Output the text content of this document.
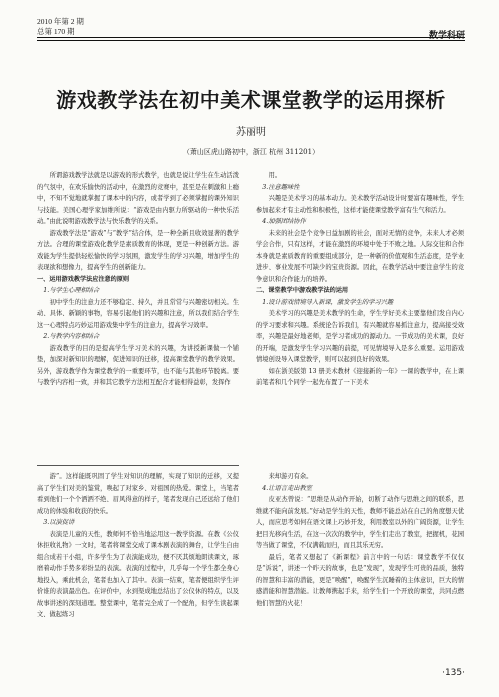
2010 年第 2 期
总第 170 期	数学科研
游戏教学法在初中美术课堂教学的运用探析
苏丽明
（萧山区虎山路初中，浙江 杭州 311201）

所谓游戏教学法就是以游戏的形式教学，也就是说让学生在生动活泼的气氛中，在欢乐愉快的活动中，在激烈的竞赛中，甚至是在刺激和上瘾中，不知不觉地就掌握了课本中的内容，或者学到了必须掌握的课外知识与技能。美国心理学家加维所说：“游戏是由内驱力所驱动的一种快乐活动。”由此说明游戏教学法与快乐教学的关系。

游戏教学法是“游戏”与“教学”结合体，是一种全新且收效显著的教学方法。合理的课堂游戏化教学是素质教育的体现，更是一种创新方法。游戏能为学生提供轻松愉快的学习氛围，激发学生的学习兴趣，增加学生的表现欲和想像力，提高学生的创新能力。

一、运用游戏教学法应注意的原则

1.与学生心理相结合

初中学生的注意力还不够稳定、持久，并且常常与兴趣密切相关。生动、具体、新颖的事物，容易引起他们的兴趣和注意，所以我们结合学生这一心理特点巧妙运用游戏集中学生的注意力，提高学习效率。

2.与教学内容相结合

游戏教学的目的是提高学生学习美术的兴趣，为讲授新课做一个铺垫，加深对新知识的理解，促进知识的迁移，提高课堂教学的教学效果。另外，游戏教学作为课堂教学的一重要环节，也不能与其他环节脱离。要与教学内容相一致，并和其它教学方法相互配合才能相得益彰，发挥作

用。

3.注意趣味性

兴趣是美术学习的基本动力。美术教学活动设计时要富有趣味性，学生参加起来才有主动性和积极性，这样才能使课堂教学富有生气和活力。

4.加强团结协作

未来的社会是个竞争日益加剧的社会，面对无情的竞争，未来人才必须学会合作，只有这样，才能在激烈的环境中处于不败之地。人际交往和合作本身就是素质教育的重要组成部分，是一种新的价值观和生活态度，是学业进步、事业发展不可缺少的宝贵资源。因此，在教学活动中要注意学生的竞争意识和合作能力的培养。

二、课堂教学中游戏教学法的运用

1.设计游戏情境导入新课，激发学生的学习兴趣

美术学习的兴趣是美术教学的生命，学生学好美术主要靠他们发自内心的学习要求和兴趣。系统论告诉我们，有兴趣就容易抓注意力，提高接受效率，兴趣是最好地老师，是学习者成功的源动力。一节成功的美术课，良好的开端，是激发学生学习兴趣的前提，可见情境导入是多么重要。运用游戏情境创设导入课堂教学，则可以起到良好的效果。

如在浙美版第 13 册美术教材《迎接新的一年》一课的教学中，在上课前笔者和几个同学一起先布置了一下美术

游”。这样能既巩固了学生对知识的理解，实现了知识的迁移，又提高了学生们对美的鉴赏，唤起了对家乡、对祖国的热爱。课堂上，当笔者看到他们一个个洒洒不绝、眉风得意的样子，笔者发现自己还远给了他们成功的体验和收获的快乐。

3.以演促讲

表演是儿童的天性，教师何不恰当地运用这一教学资源。在教《公仪休拒收礼物》一文时，笔者将课堂交成了课本剧表演的舞台，让学生自由组合成若干小组，许多学生为了表演能成功，便不厌其烦地朗读课文，琢磨着动作手势多彩纷呈的表演。表演的过程中，几乎每一个学生都全身心地投入，乘此机会，笔者也加入了其中。表演一结束，笔者便组织学生评价谁的表演最出色。在评价中，水到渠成地总结出了公仪休的特点，以及故事讲述的深刻道理。整堂课中，笔者完全成了一个配角，但学生读起课文、做起练习

来却游刃有余。

4.让语言走出教室

皮亚杰曾说：“思维是从动作开始，切断了动作与思维之间的联系，思维就不能向前发展。”好动是学生的天性，教师不能总站在自己的角度想天优人，而应思考如何在语文课上巧妙开发，利用教室以外的广阔资源，让学生把目光移向生活，在这一次次的教学中，学生们走出了教室，把握机，花园等当做了课堂，不仅满载而归，而且其乐无穷。

最后，笔者又想起了《新课程》前言中的一句话：课堂教学不仅仅是“诉说”，讲述一个昨天的故事，也是“发现”，发现学生可贵的品质，独特的智慧和丰富的潜能，更是“唤醒”，唤醒学生沉睡着的主体意识，巨大的情感潜能和智慧潜能。让教师携起手来，给学生们一个开放的课堂，共同点燃他们智慧的火花！

·135·
